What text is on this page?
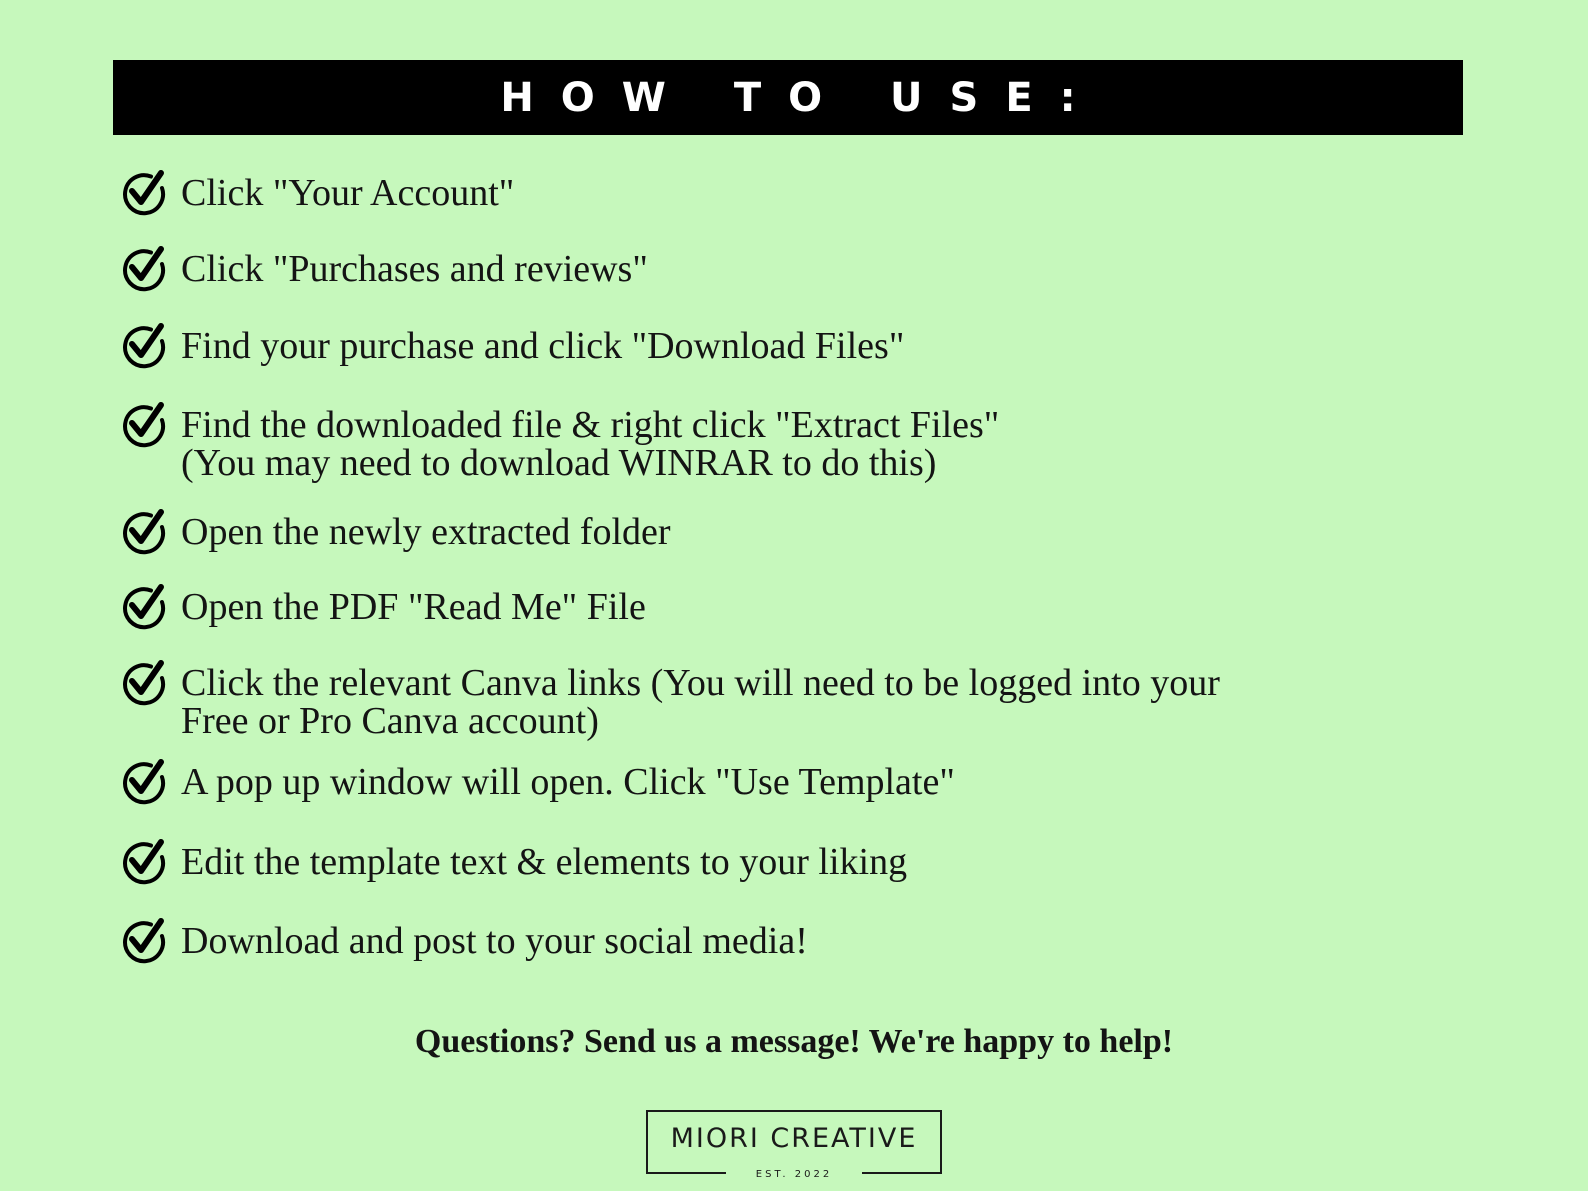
HOW TO USE:
Click "Your Account"
Click "Purchases and reviews"
Find your purchase and click "Download Files"
Find the downloaded file & right click "Extract Files"
(You may need to download WINRAR to do this)
Open the newly extracted folder
Open the PDF "Read Me" File
Click the relevant Canva links (You will need to be logged into your
Free or Pro Canva account)
A pop up window will open. Click "Use Template"
Edit the template text & elements to your liking
Download and post to your social media!
Questions? Send us a message! We're happy to help!
MIORI CREATIVE
EST. 2022
